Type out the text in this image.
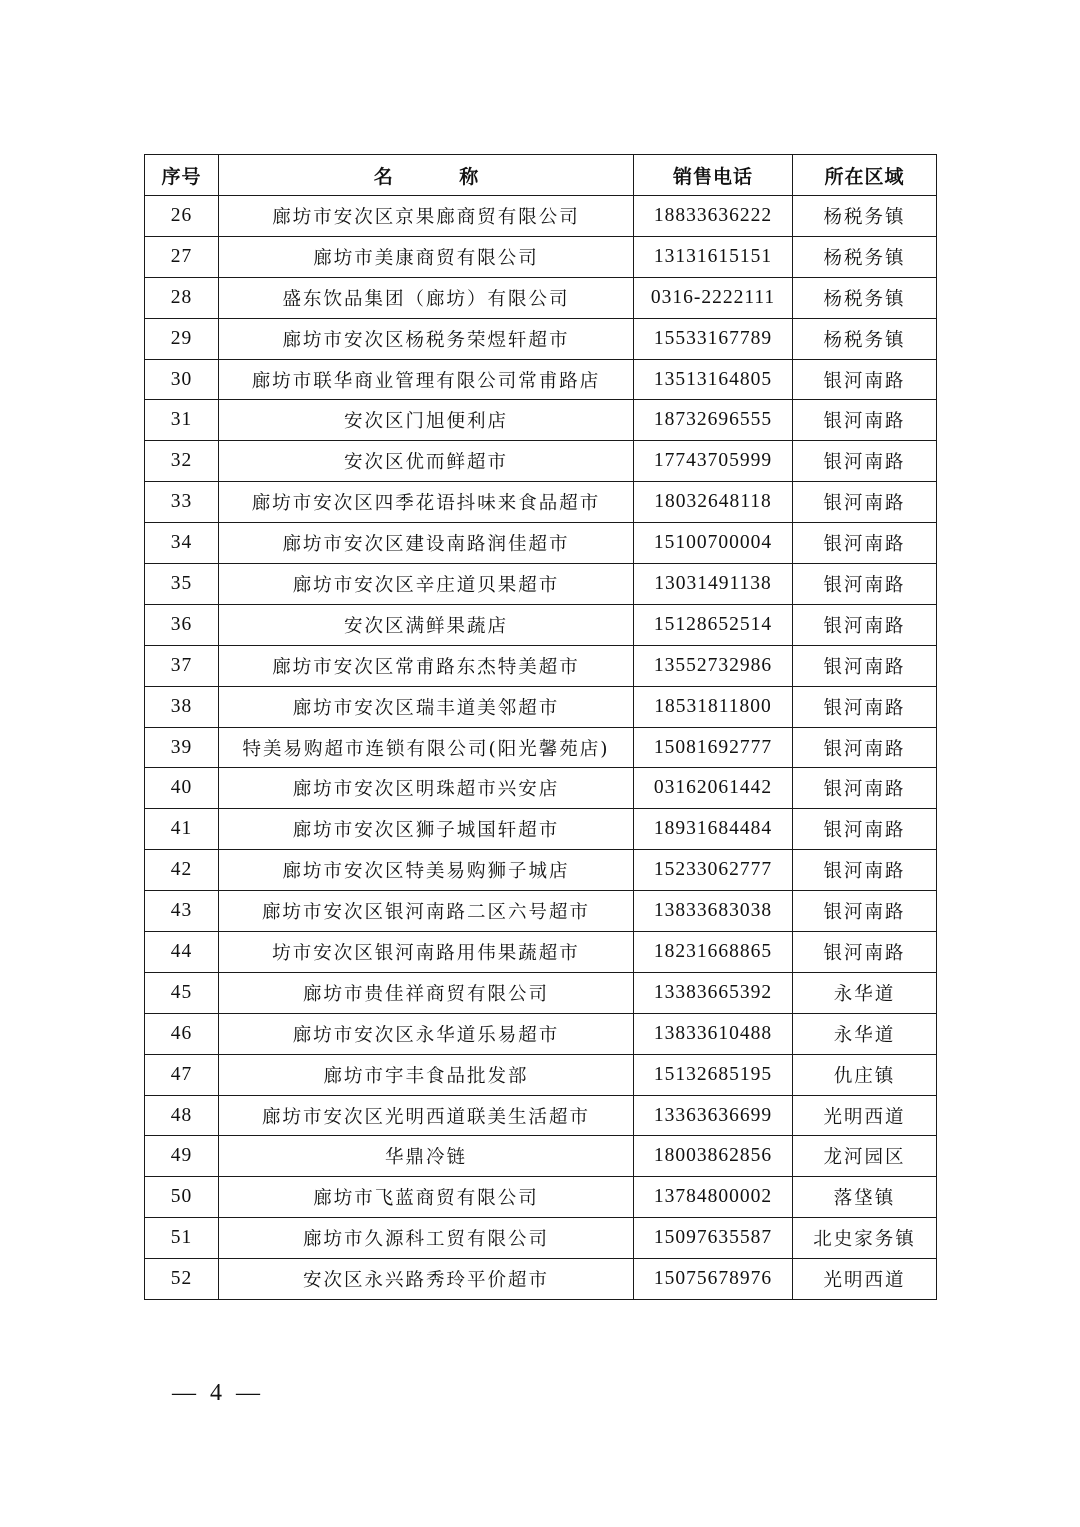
序号	名 称	销售电话	所在区域
26	廊坊市安次区京果廊商贸有限公司	18833636222	杨税务镇
27	廊坊市美康商贸有限公司	13131615151	杨税务镇
28	盛东饮品集团（廊坊）有限公司	0316-2222111	杨税务镇
29	廊坊市安次区杨税务荣煜轩超市	15533167789	杨税务镇
30	廊坊市联华商业管理有限公司常甫路店	13513164805	银河南路
31	安次区门旭便利店	18732696555	银河南路
32	安次区优而鲜超市	17743705999	银河南路
33	廊坊市安次区四季花语抖味来食品超市	18032648118	银河南路
34	廊坊市安次区建设南路润佳超市	15100700004	银河南路
35	廊坊市安次区辛庄道贝果超市	13031491138	银河南路
36	安次区满鲜果蔬店	15128652514	银河南路
37	廊坊市安次区常甫路东杰特美超市	13552732986	银河南路
38	廊坊市安次区瑞丰道美邻超市	18531811800	银河南路
39	特美易购超市连锁有限公司(阳光馨苑店)	15081692777	银河南路
40	廊坊市安次区明珠超市兴安店	03162061442	银河南路
41	廊坊市安次区狮子城国轩超市	18931684484	银河南路
42	廊坊市安次区特美易购狮子城店	15233062777	银河南路
43	廊坊市安次区银河南路二区六号超市	13833683038	银河南路
44	坊市安次区银河南路用伟果蔬超市	18231668865	银河南路
45	廊坊市贵佳祥商贸有限公司	13383665392	永华道
46	廊坊市安次区永华道乐易超市	13833610488	永华道
47	廊坊市宇丰食品批发部	15132685195	仇庄镇
48	廊坊市安次区光明西道联美生活超市	13363636699	光明西道
49	华鼎冷链	18003862856	龙河园区
50	廊坊市飞蓝商贸有限公司	13784800002	落垡镇
51	廊坊市久源科工贸有限公司	15097635587	北史家务镇
52	安次区永兴路秀玲平价超市	15075678976	光明西道
— 4 —
